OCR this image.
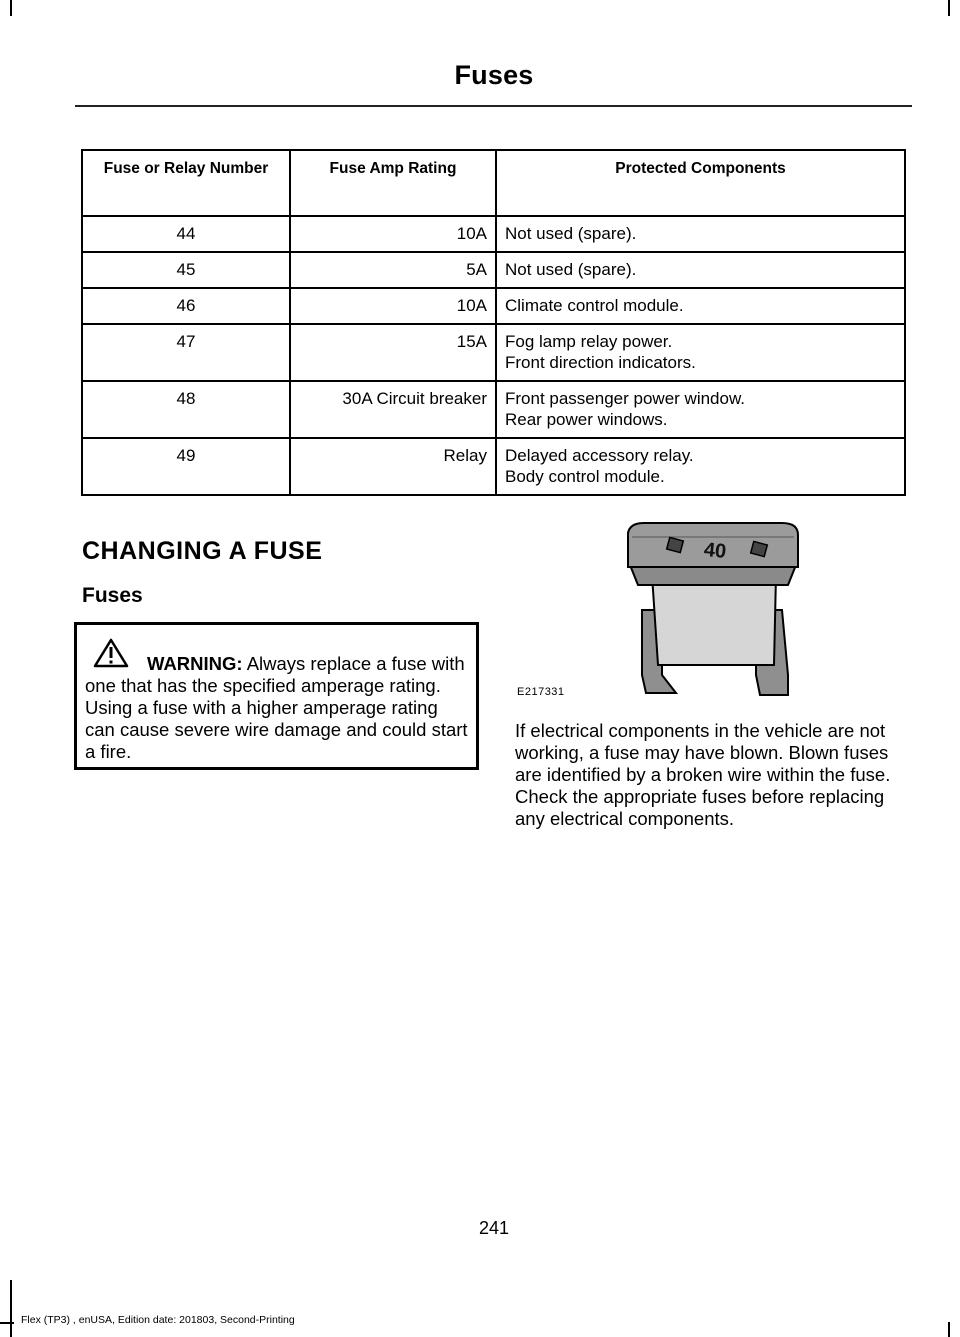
Fuses
Fuse or Relay Number	Fuse Amp Rating	Protected Components
44	10A	Not used (spare).

45	5A	Not used (spare).

46	10A	Climate control module.

47	15A	Fog lamp relay power.
Front direction indicators.

48	30A Circuit breaker	Front passenger power window.
Rear power windows.

49	Relay	Delayed accessory relay.
Body control module.
CHANGING A FUSE
Fuses
WARNING: Always replace a fuse with one that has the specified amperage rating. Using a fuse with a higher amperage rating can cause severe wire damage and could start a fire.
40
E217331
If electrical components in the vehicle are not working, a fuse may have blown. Blown fuses are identified by a broken wire within the fuse. Check the appropriate fuses before replacing any electrical components.
241
Flex (TP3) , enUSA, Edition date: 201803, Second-Printing
